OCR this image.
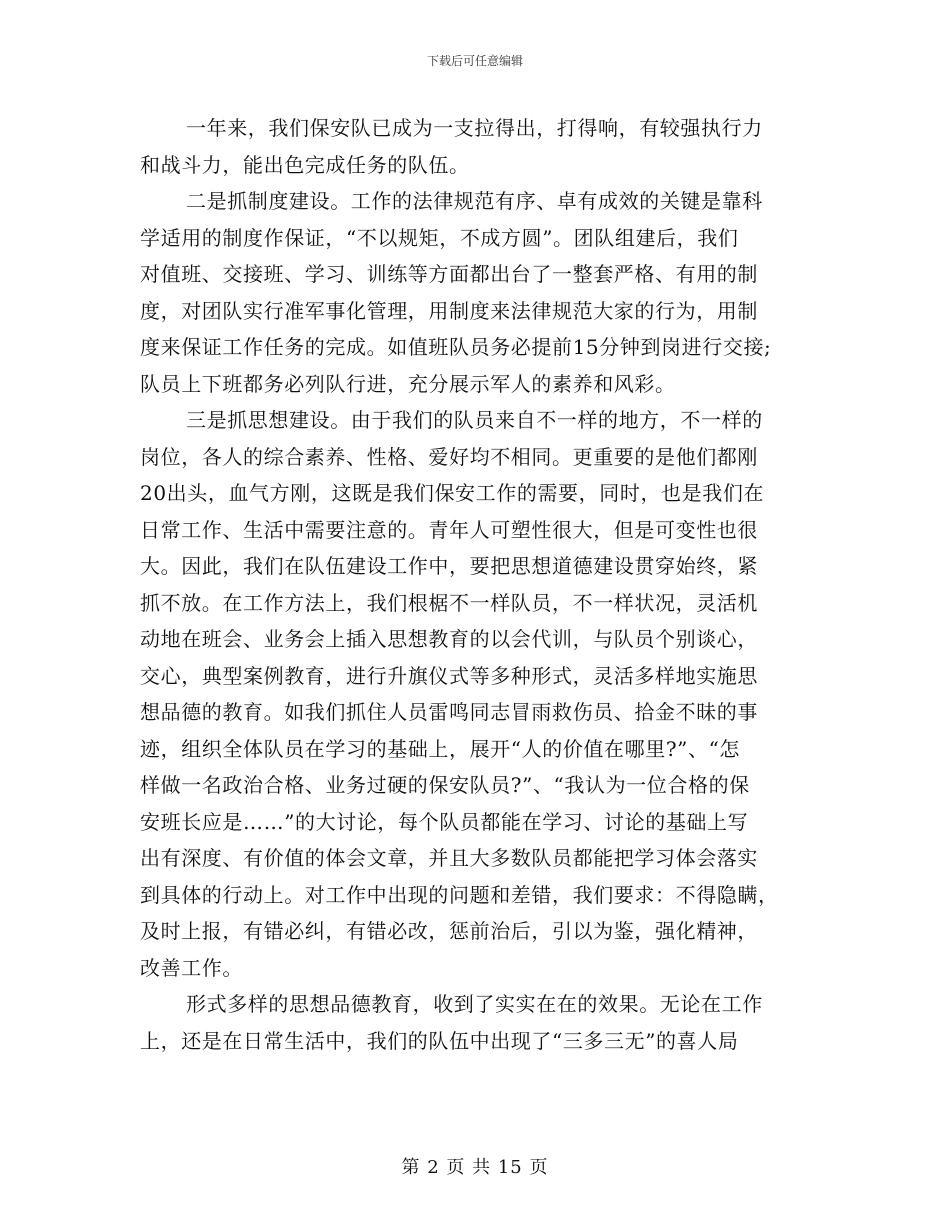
下载后可任意编辑
一年来，我们保安队已成为一支拉得出，打得响，有较强执行力
和战斗力，能出色完成任务的队伍。
二是抓制度建设。工作的法律规范有序、卓有成效的关键是靠科
学适用的制度作保证，“不以规矩，不成方圆”。团队组建后，我们
对值班、交接班、学习、训练等方面都出台了一整套严格、有用的制
度，对团队实行准军事化管理，用制度来法律规范大家的行为，用制
度来保证工作任务的完成。如值班队员务必提前15分钟到岗进行交接;
队员上下班都务必列队行进，充分展示军人的素养和风彩。
三是抓思想建设。由于我们的队员来自不一样的地方，不一样的
岗位，各人的综合素养、性格、爱好均不相同。更重要的是他们都刚
20出头，血气方刚，这既是我们保安工作的需要，同时，也是我们在
日常工作、生活中需要注意的。青年人可塑性很大，但是可变性也很
大。因此，我们在队伍建设工作中，要把思想道德建设贯穿始终，紧
抓不放。在工作方法上，我们根椐不一样队员，不一样状况，灵活机
动地在班会、业务会上插入思想教育的以会代训，与队员个别谈心，
交心，典型案例教育，进行升旗仪式等多种形式，灵活多样地实施思
想品德的教育。如我们抓住人员雷鸣同志冒雨救伤员、拾金不昧的事
迹，组织全体队员在学习的基础上，展开“人的价值在哪里?”、“怎
样做一名政治合格、业务过硬的保安队员?”、“我认为一位合格的保
安班长应是……”的大讨论，每个队员都能在学习、讨论的基础上写
出有深度、有价值的体会文章，并且大多数队员都能把学习体会落实
到具体的行动上。对工作中出现的问题和差错，我们要求：不得隐瞒，
及时上报，有错必纠，有错必改，惩前治后，引以为鉴，强化精神，
改善工作。
形式多样的思想品德教育，收到了实实在在的效果。无论在工作
上，还是在日常生活中，我们的队伍中出现了“三多三无”的喜人局
第 2 页 共 15 页
